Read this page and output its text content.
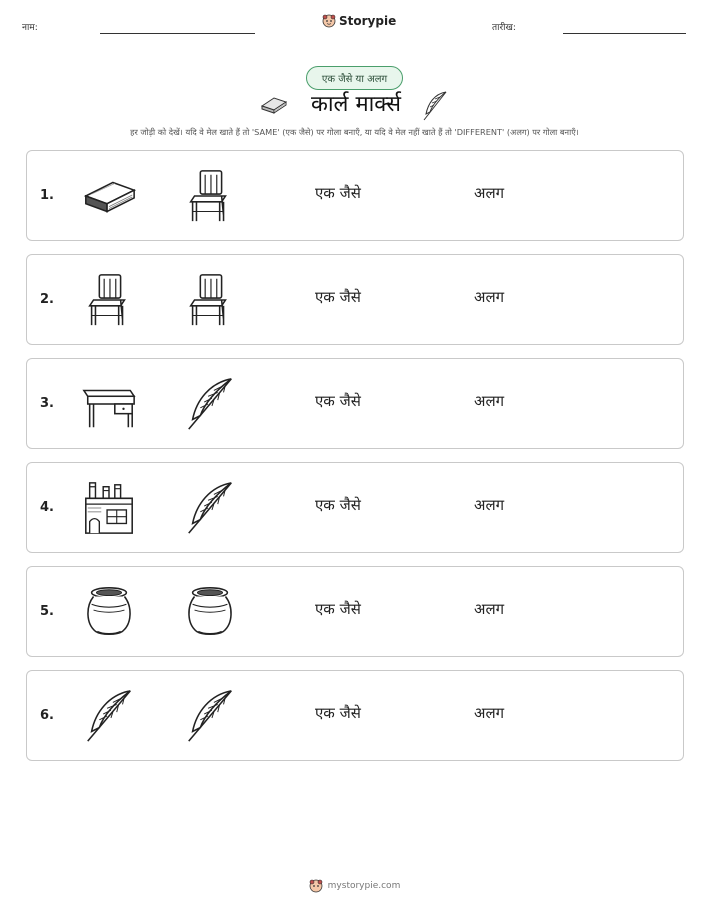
नाम:	Storypie	तारीख:
एक जैसे या अलग
कार्ल मार्क्स
हर जोड़ी को देखें। यदि वे मेल खाते हैं तो 'SAME' (एक जैसे) पर गोला बनाएँ, या यदि वे मेल नहीं खाते हैं तो 'DIFFERENT' (अलग) पर गोला बनाएँ।
1.	एक जैसे	अलग
2.	एक जैसे	अलग
3.	एक जैसे	अलग
4.	एक जैसे	अलग
5.	एक जैसे	अलग
6.	एक जैसे	अलग
mystorypie.com
